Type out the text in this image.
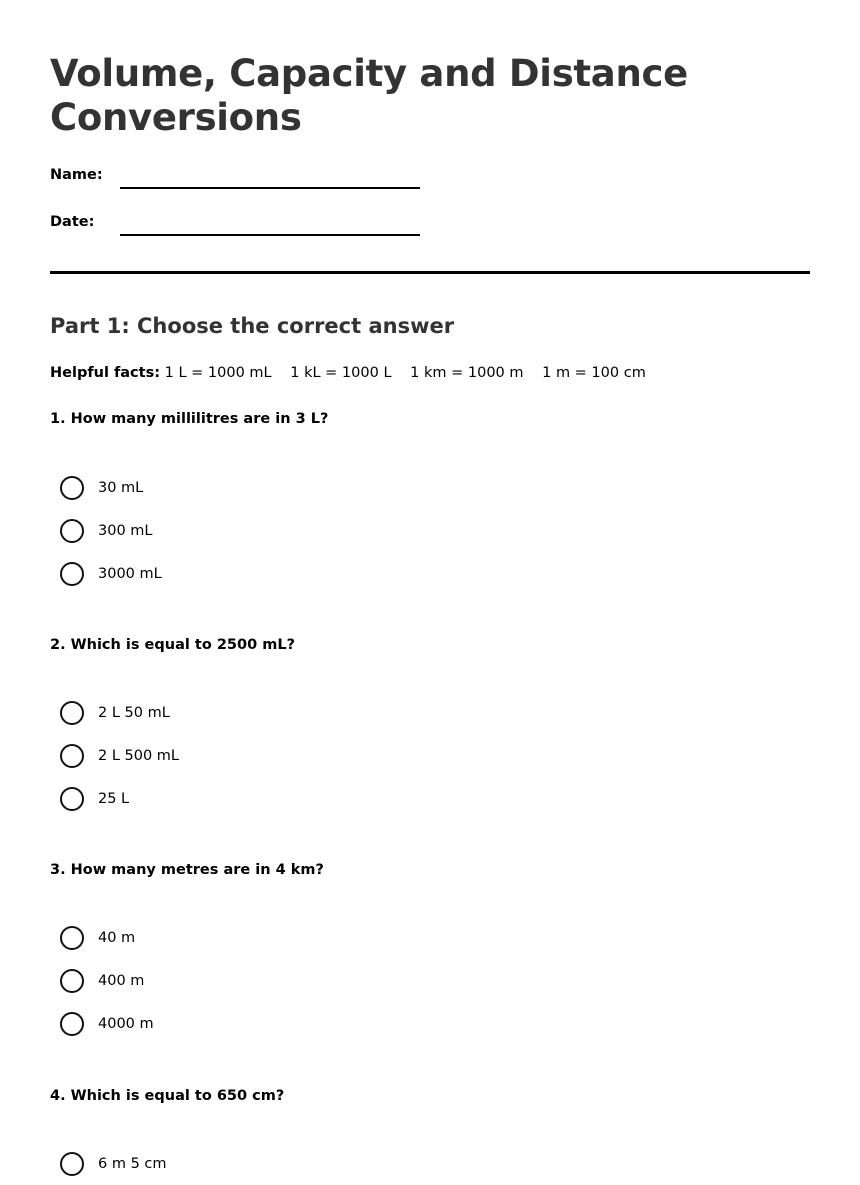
Volume, Capacity and Distance Conversions
Name:
Date:
Part 1: Choose the correct answer
Helpful facts: 1 L = 1000 mL 1 kL = 1000 L 1 km = 1000 m 1 m = 100 cm

1. How many millilitres are in 3 L?

30 mL
300 mL
3000 mL

2. Which is equal to 2500 mL?

2 L 50 mL
2 L 500 mL
25 L

3. How many metres are in 4 km?

40 m
400 m
4000 m

4. Which is equal to 650 cm?

6 m 5 cm
